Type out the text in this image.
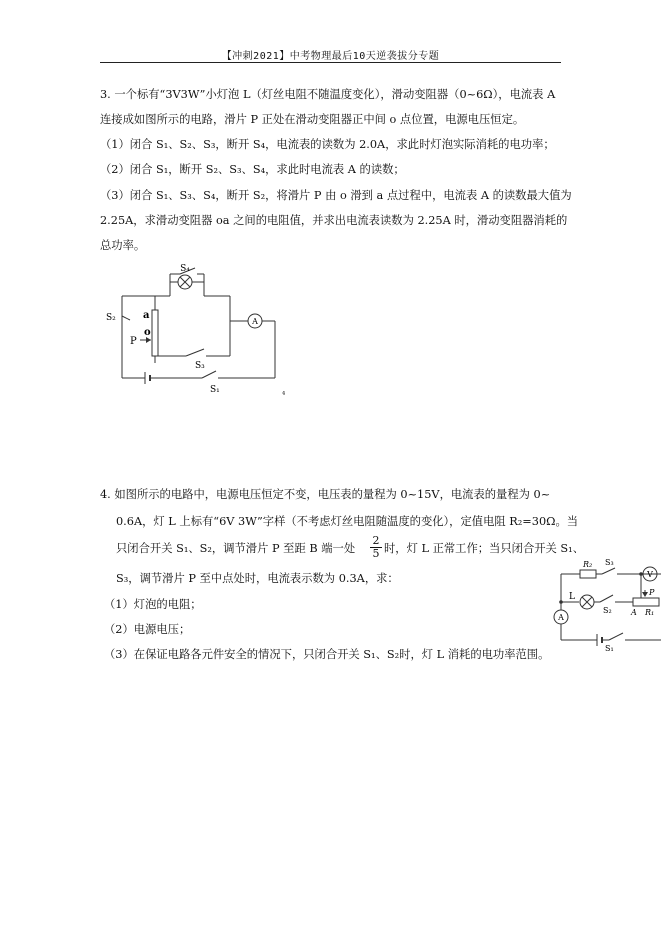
【冲刺2021】中考物理最后10天逆袭拔分专题
3. 一个标有“3V3W”小灯泡 L（灯丝电阻不随温度变化），滑动变阻器（0~6Ω），电流表 A
连接成如图所示的电路，滑片 P 正处在滑动变阻器正中间 o 点位置，电源电压恒定。
（1）闭合 S₁、S₂、S₃，断开 S₄，电流表的读数为 2.0A，求此时灯泡实际消耗的电功率；
（2）闭合 S₁，断开 S₂、S₃、S₄，求此时电流表 A 的读数；
（3）闭合 S₁、S₃、S₄，断开 S₂，将滑片 P 由 o 滑到 a 点过程中，电流表 A 的读数最大值为
2.25A，求滑动变阻器 oa 之间的电阻值，并求出电流表读数为 2.25A 时，滑动变阻器消耗的
总功率。
S₄
S₂	a
o
P
S₃
S₁
A
⁴
4. 如图所示的电路中，电源电压恒定不变，电压表的量程为 0~15V，电流表的量程为 0~
0.6A，灯 L 上标有“6V 3W”字样（不考虑灯丝电阻随温度的变化），定值电阻 R₂=30Ω。当
只闭合开关 S₁、S₂，调节滑片 P 至距 B 端一处 $\frac{2}{5}$ 时，灯 L 正常工作；当只闭合开关 S₁、
S₃，调节滑片 P 至中点处时，电流表示数为 0.3A，求：
（1）灯泡的电阻；
（2）电源电压；
（3）在保证电路各元件安全的情况下，只闭合开关 S₁、S₂时，灯 L 消耗的电功率范围。
R₂ S₃
V
L
S₂
P
A R₁
A
S₁
